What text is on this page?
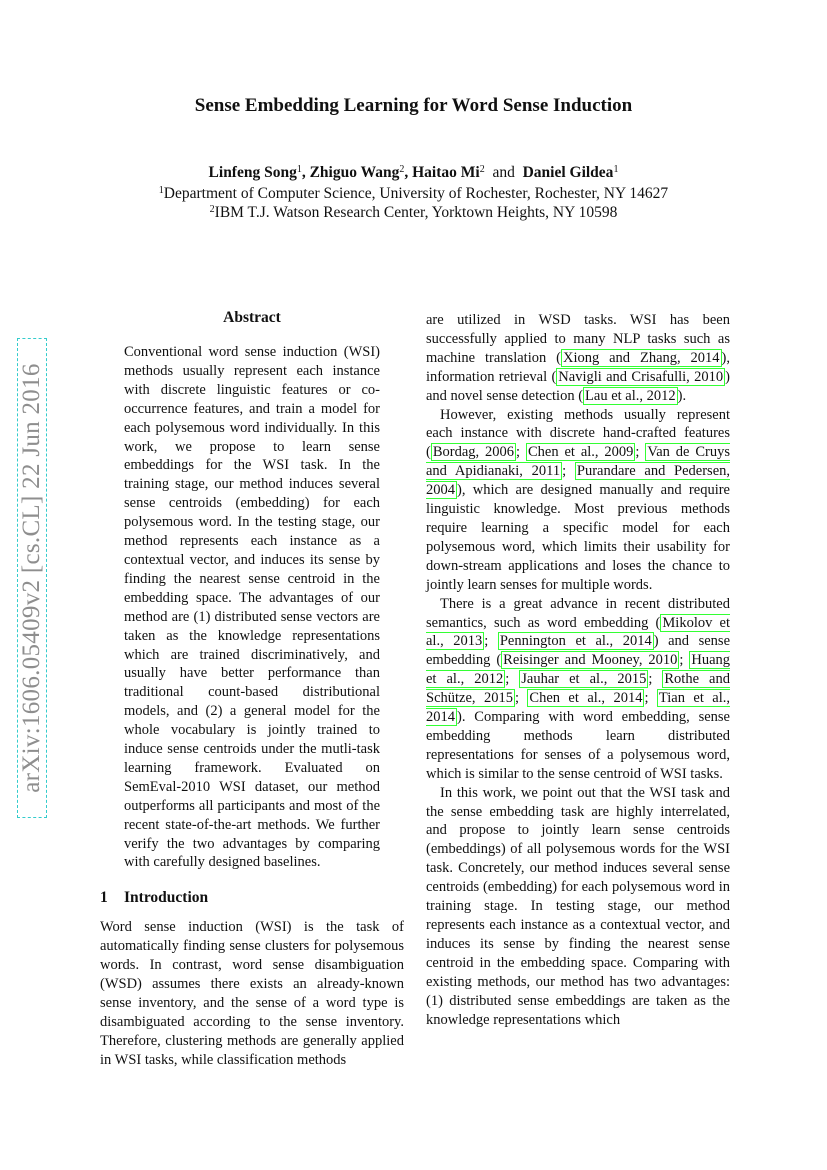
Sense Embedding Learning for Word Sense Induction
Linfeng Song$^1$, Zhiguo Wang$^2$, Haitao Mi$^2$ and Daniel Gildea$^1$
$^1$Department of Computer Science, University of Rochester, Rochester, NY 14627
$^2$IBM T.J. Watson Research Center, Yorktown Heights, NY 10598
arXiv:1606.05409v2 [cs.CL] 22 Jun 2016
Abstract
Conventional word sense induction (WSI) methods usually represent each instance with discrete linguistic features or co-occurrence features, and train a model for each polysemous word individually. In this work, we propose to learn sense embeddings for the WSI task. In the training stage, our method induces several sense centroids (embedding) for each polysemous word. In the testing stage, our method represents each instance as a contextual vector, and induces its sense by finding the nearest sense centroid in the embedding space. The advantages of our method are (1) distributed sense vectors are taken as the knowledge representations which are trained discriminatively, and usually have better performance than traditional count-based distributional models, and (2) a general model for the whole vocabulary is jointly trained to induce sense centroids under the mutli-task learning framework. Evaluated on SemEval-2010 WSI dataset, our method outperforms all participants and most of the recent state-of-the-art methods. We further verify the two advantages by comparing with carefully designed baselines.
1 Introduction

Word sense induction (WSI) is the task of automatically finding sense clusters for polysemous words. In contrast, word sense disambiguation (WSD) assumes there exists an already-known sense inventory, and the sense of a word type is disambiguated according to the sense inventory. Therefore, clustering methods are generally applied in WSI tasks, while classification methods

are utilized in WSD tasks. WSI has been successfully applied to many NLP tasks such as machine translation ( Xiong and Zhang, 2014 ), information retrieval ( Navigli and Crisafulli, 2010 ) and novel sense detection ( Lau et al., 2012 ).

However, existing methods usually represent each instance with discrete hand-crafted features ( Bordag, 2006 ; Chen et al., 2009 ; Van de Cruys and Apidianaki, 2011 ; Purandare and Pedersen, 2004 ), which are designed manually and require linguistic knowledge. Most previous methods require learning a specific model for each polysemous word, which limits their usability for down-stream applications and loses the chance to jointly learn senses for multiple words.

There is a great advance in recent distributed semantics, such as word embedding ( Mikolov et al., 2013 ; Pennington et al., 2014 ) and sense embedding ( Reisinger and Mooney, 2010 ; Huang et al., 2012 ; Jauhar et al., 2015 ; Rothe and Schütze, 2015 ; Chen et al., 2014 ; Tian et al., 2014 ). Comparing with word embedding, sense embedding methods learn distributed representations for senses of a polysemous word, which is similar to the sense centroid of WSI tasks.

In this work, we point out that the WSI task and the sense embedding task are highly interrelated, and propose to jointly learn sense centroids (embeddings) of all polysemous words for the WSI task. Concretely, our method induces several sense centroids (embedding) for each polysemous word in training stage. In testing stage, our method represents each instance as a contextual vector, and induces its sense by finding the nearest sense centroid in the embedding space. Comparing with existing methods, our method has two advantages: (1) distributed sense embeddings are taken as the knowledge representations which
